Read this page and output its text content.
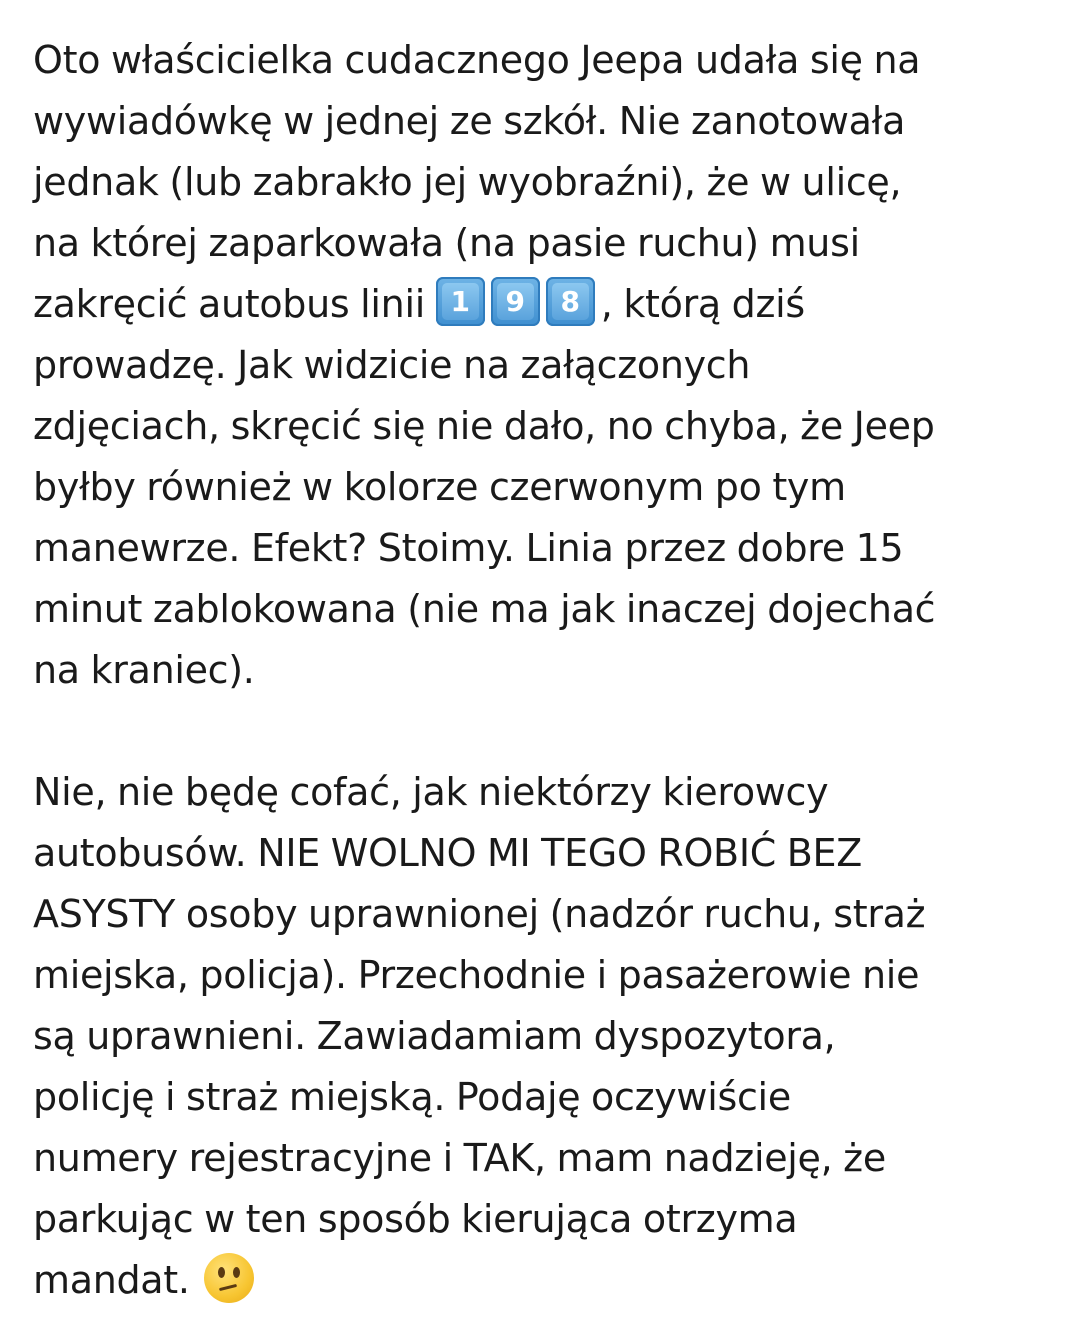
Oto właścicielka cudacznego Jeepa udała się na
wywiadówkę w jednej ze szkół. Nie zanotowała
jednak (lub zabrakło jej wyobraźni), że w ulicę,
na której zaparkowała (na pasie ruchu) musi
zakręcić autobus linii 1	9	8 , którą dziś
prowadzę. Jak widzicie na załączonych
zdjęciach, skręcić się nie dało, no chyba, że Jeep
byłby również w kolorze czerwonym po tym
manewrze. Efekt? Stoimy. Linia przez dobre 15
minut zablokowana (nie ma jak inaczej dojechać
na kraniec).

Nie, nie będę cofać, jak niektórzy kierowcy
autobusów. NIE WOLNO MI TEGO ROBIĆ BEZ
ASYSTY osoby uprawnionej (nadzór ruchu, straż
miejska, policja). Przechodnie i pasażerowie nie
są uprawnieni. Zawiadamiam dyspozytora,
policję i straż miejską. Podaję oczywiście
numery rejestracyjne i TAK, mam nadzieję, że
parkując w ten sposób kierująca otrzyma
mandat.
